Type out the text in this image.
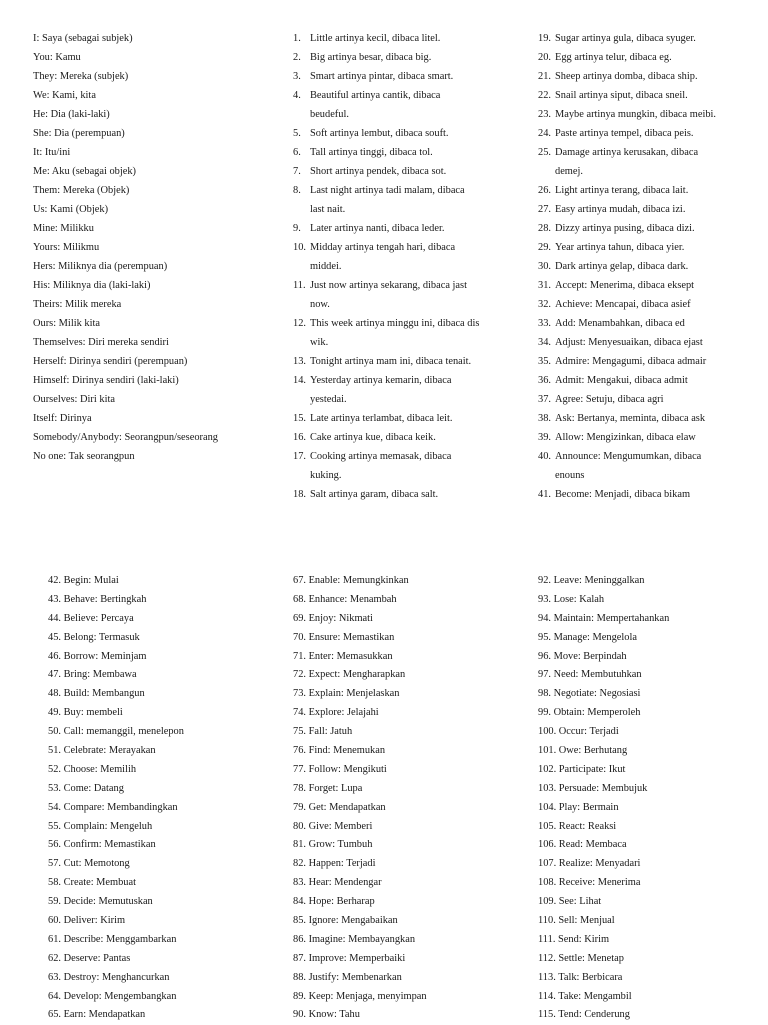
I: Saya (sebagai subjek)
You: Kamu
They: Mereka (subjek)
We: Kami, kita
He: Dia (laki-laki)
She: Dia (perempuan)
It: Itu/ini
Me: Aku (sebagai objek)
Them: Mereka (Objek)
Us: Kami (Objek)
Mine: Milikku
Yours: Milikmu
Hers: Miliknya dia (perempuan)
His: Miliknya dia (laki-laki)
Theirs: Milik mereka
Ours: Milik kita
Themselves: Diri mereka sendiri
Herself: Dirinya sendiri (perempuan)
Himself: Dirinya sendiri (laki-laki)
Ourselves: Diri kita
Itself: Dirinya
Somebody/Anybody: Seorangpun/seseorang
No one: Tak seorangpun
1. Little artinya kecil, dibaca litel.
2. Big artinya besar, dibaca big.
3. Smart artinya pintar, dibaca smart.
4. Beautiful artinya cantik, dibaca
beudeful.
5. Soft artinya lembut, dibaca souft.
6. Tall artinya tinggi, dibaca tol.
7. Short artinya pendek, dibaca sot.
8. Last night artinya tadi malam, dibaca
last nait.
9. Later artinya nanti, dibaca leder.
10. Midday artinya tengah hari, dibaca
middei.
11. Just now artinya sekarang, dibaca jast
now.
12. This week artinya minggu ini, dibaca dis
wik.
13. Tonight artinya mam ini, dibaca tenait.
14. Yesterday artinya kemarin, dibaca
yestedai.
15. Late artinya terlambat, dibaca leit.
16. Cake artinya kue, dibaca keik.
17. Cooking artinya memasak, dibaca
kuking.
18. Salt artinya garam, dibaca salt.
19. Sugar artinya gula, dibaca syuger.
20. Egg artinya telur, dibaca eg.
21. Sheep artinya domba, dibaca ship.
22. Snail artinya siput, dibaca sneil.
23. Maybe artinya mungkin, dibaca meibi.
24. Paste artinya tempel, dibaca peis.
25. Damage artinya kerusakan, dibaca
demej.
26. Light artinya terang, dibaca lait.
27. Easy artinya mudah, dibaca izi.
28. Dizzy artinya pusing, dibaca dizi.
29. Year artinya tahun, dibaca yier.
30. Dark artinya gelap, dibaca dark.
31. Accept: Menerima, dibaca eksept
32. Achieve: Mencapai, dibaca asief
33. Add: Menambahkan, dibaca ed
34. Adjust: Menyesuaikan, dibaca ejast
35. Admire: Mengagumi, dibaca admair
36. Admit: Mengakui, dibaca admit
37. Agree: Setuju, dibaca agri
38. Ask: Bertanya, meminta, dibaca ask
39. Allow: Mengizinkan, dibaca elaw
40. Announce: Mengumumkan, dibaca
enouns
41. Become: Menjadi, dibaca bikam
42. Begin: Mulai
43. Behave: Bertingkah
44. Believe: Percaya
45. Belong: Termasuk
46. Borrow: Meminjam
47. Bring: Membawa
48. Build: Membangun
49. Buy: membeli
50. Call: memanggil, menelepon
51. Celebrate: Merayakan
52. Choose: Memilih
53. Come: Datang
54. Compare: Membandingkan
55. Complain: Mengeluh
56. Confirm: Memastikan
57. Cut: Memotong
58. Create: Membuat
59. Decide: Memutuskan
60. Deliver: Kirim
61. Describe: Menggambarkan
62. Deserve: Pantas
63. Destroy: Menghancurkan
64. Develop: Mengembangkan
65. Earn: Mendapatkan
67. Enable: Memungkinkan
68. Enhance: Menambah
69. Enjoy: Nikmati
70. Ensure: Memastikan
71. Enter: Memasukkan
72. Expect: Mengharapkan
73. Explain: Menjelaskan
74. Explore: Jelajahi
75. Fall: Jatuh
76. Find: Menemukan
77. Follow: Mengikuti
78. Forget: Lupa
79. Get: Mendapatkan
80. Give: Memberi
81. Grow: Tumbuh
82. Happen: Terjadi
83. Hear: Mendengar
84. Hope: Berharap
85. Ignore: Mengabaikan
86. Imagine: Membayangkan
87. Improve: Memperbaiki
88. Justify: Membenarkan
89. Keep: Menjaga, menyimpan
90. Know: Tahu
92. Leave: Meninggalkan
93. Lose: Kalah
94. Maintain: Mempertahankan
95. Manage: Mengelola
96. Move: Berpindah
97. Need: Membutuhkan
98. Negotiate: Negosiasi
99. Obtain: Memperoleh
100. Occur: Terjadi
101. Owe: Berhutang
102. Participate: Ikut
103. Persuade: Membujuk
104. Play: Bermain
105. React: Reaksi
106. Read: Membaca
107. Realize: Menyadari
108. Receive: Menerima
109. See: Lihat
110. Sell: Menjual
111. Send: Kirim
112. Settle: Menetap
113. Talk: Berbicara
114. Take: Mengambil
115. Tend: Cenderung
